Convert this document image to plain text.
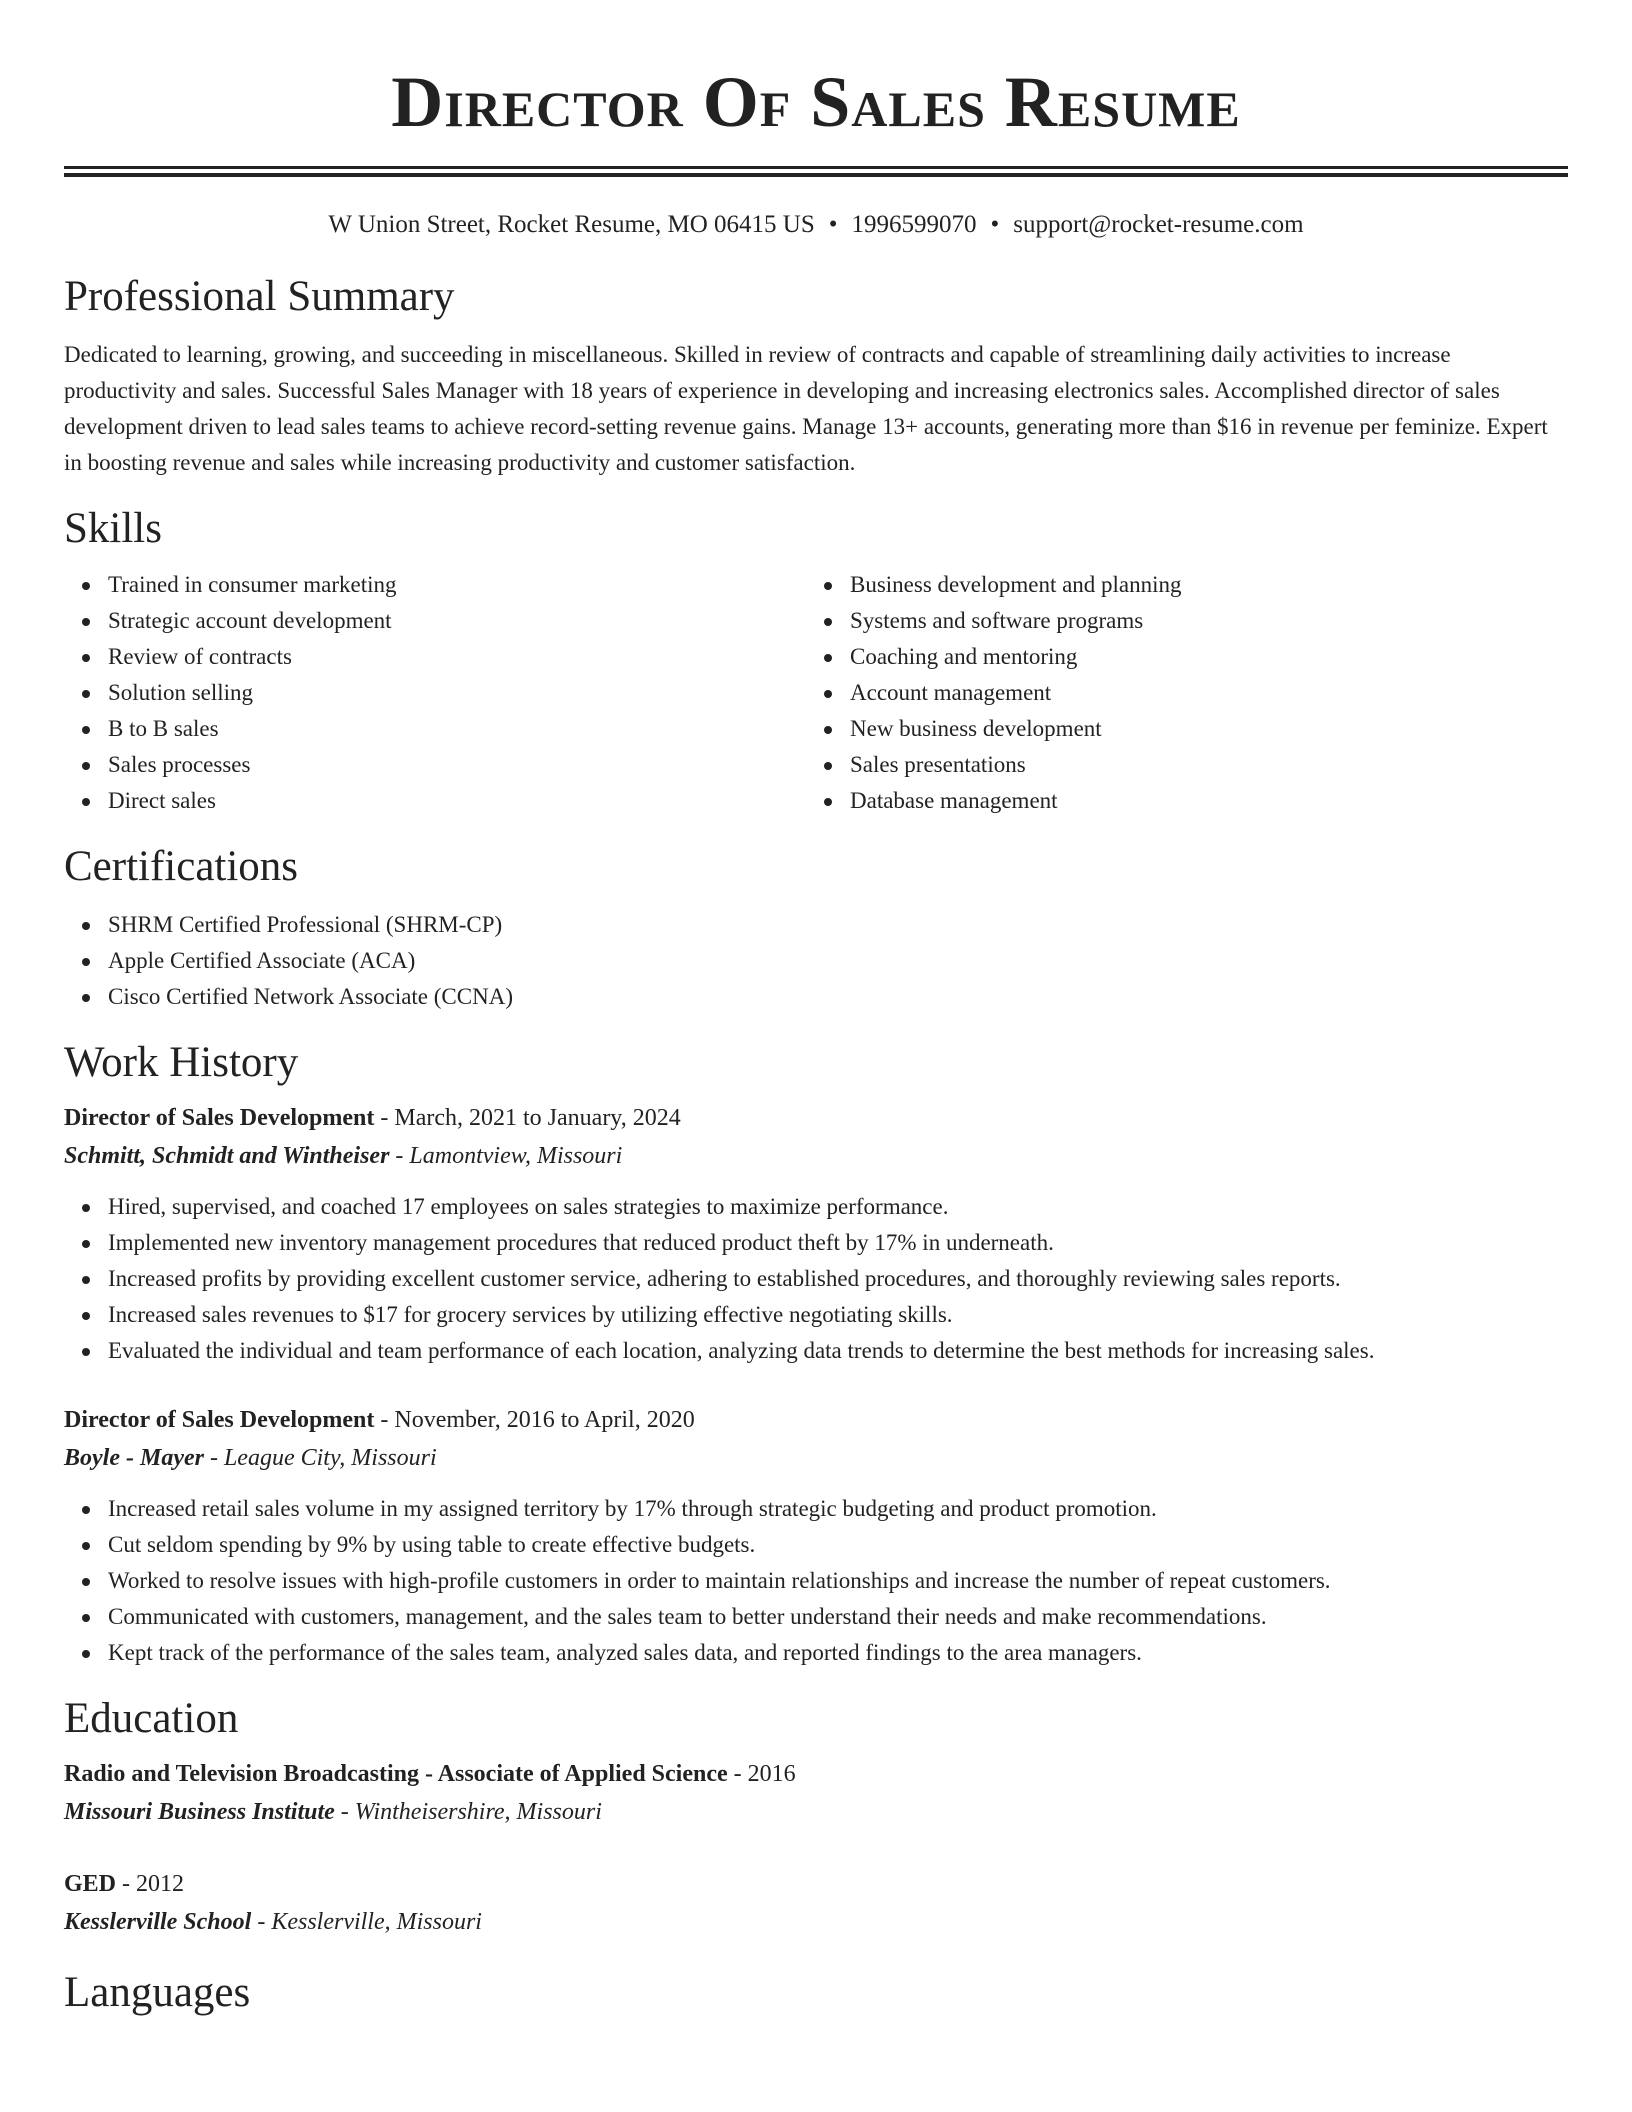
Director Of Sales Resume
W Union Street, Rocket Resume, MO 06415 US • 1996599070 • support@rocket-resume.com
Professional Summary

Dedicated to learning, growing, and succeeding in miscellaneous. Skilled in review of contracts and capable of streamlining daily activities to increase productivity and sales. Successful Sales Manager with 18 years of experience in developing and increasing electronics sales. Accomplished director of sales development driven to lead sales teams to achieve record-setting revenue gains. Manage 13+ accounts, generating more than $16 in revenue per feminize. Expert in boosting revenue and sales while increasing productivity and customer satisfaction.

Skills
Trained in consumer marketing
Strategic account development
Review of contracts
Solution selling
B to B sales
Sales processes
Direct sales
Business development and planning
Systems and software programs
Coaching and mentoring
Account management
New business development
Sales presentations
Database management
Certifications
SHRM Certified Professional (SHRM-CP)
Apple Certified Associate (ACA)
Cisco Certified Network Associate (CCNA)
Work History
Director of Sales Development - March, 2021 to January, 2024
Schmitt, Schmidt and Wintheiser - Lamontview, Missouri
Hired, supervised, and coached 17 employees on sales strategies to maximize performance.
Implemented new inventory management procedures that reduced product theft by 17% in underneath.
Increased profits by providing excellent customer service, adhering to established procedures, and thoroughly reviewing sales reports.
Increased sales revenues to $17 for grocery services by utilizing effective negotiating skills.
Evaluated the individual and team performance of each location, analyzing data trends to determine the best methods for increasing sales.
Director of Sales Development - November, 2016 to April, 2020
Boyle - Mayer - League City, Missouri
Increased retail sales volume in my assigned territory by 17% through strategic budgeting and product promotion.
Cut seldom spending by 9% by using table to create effective budgets.
Worked to resolve issues with high-profile customers in order to maintain relationships and increase the number of repeat customers.
Communicated with customers, management, and the sales team to better understand their needs and make recommendations.
Kept track of the performance of the sales team, analyzed sales data, and reported findings to the area managers.
Education
Radio and Television Broadcasting - Associate of Applied Science - 2016
Missouri Business Institute - Wintheisershire, Missouri
GED - 2012
Kesslerville School - Kesslerville, Missouri
Languages
